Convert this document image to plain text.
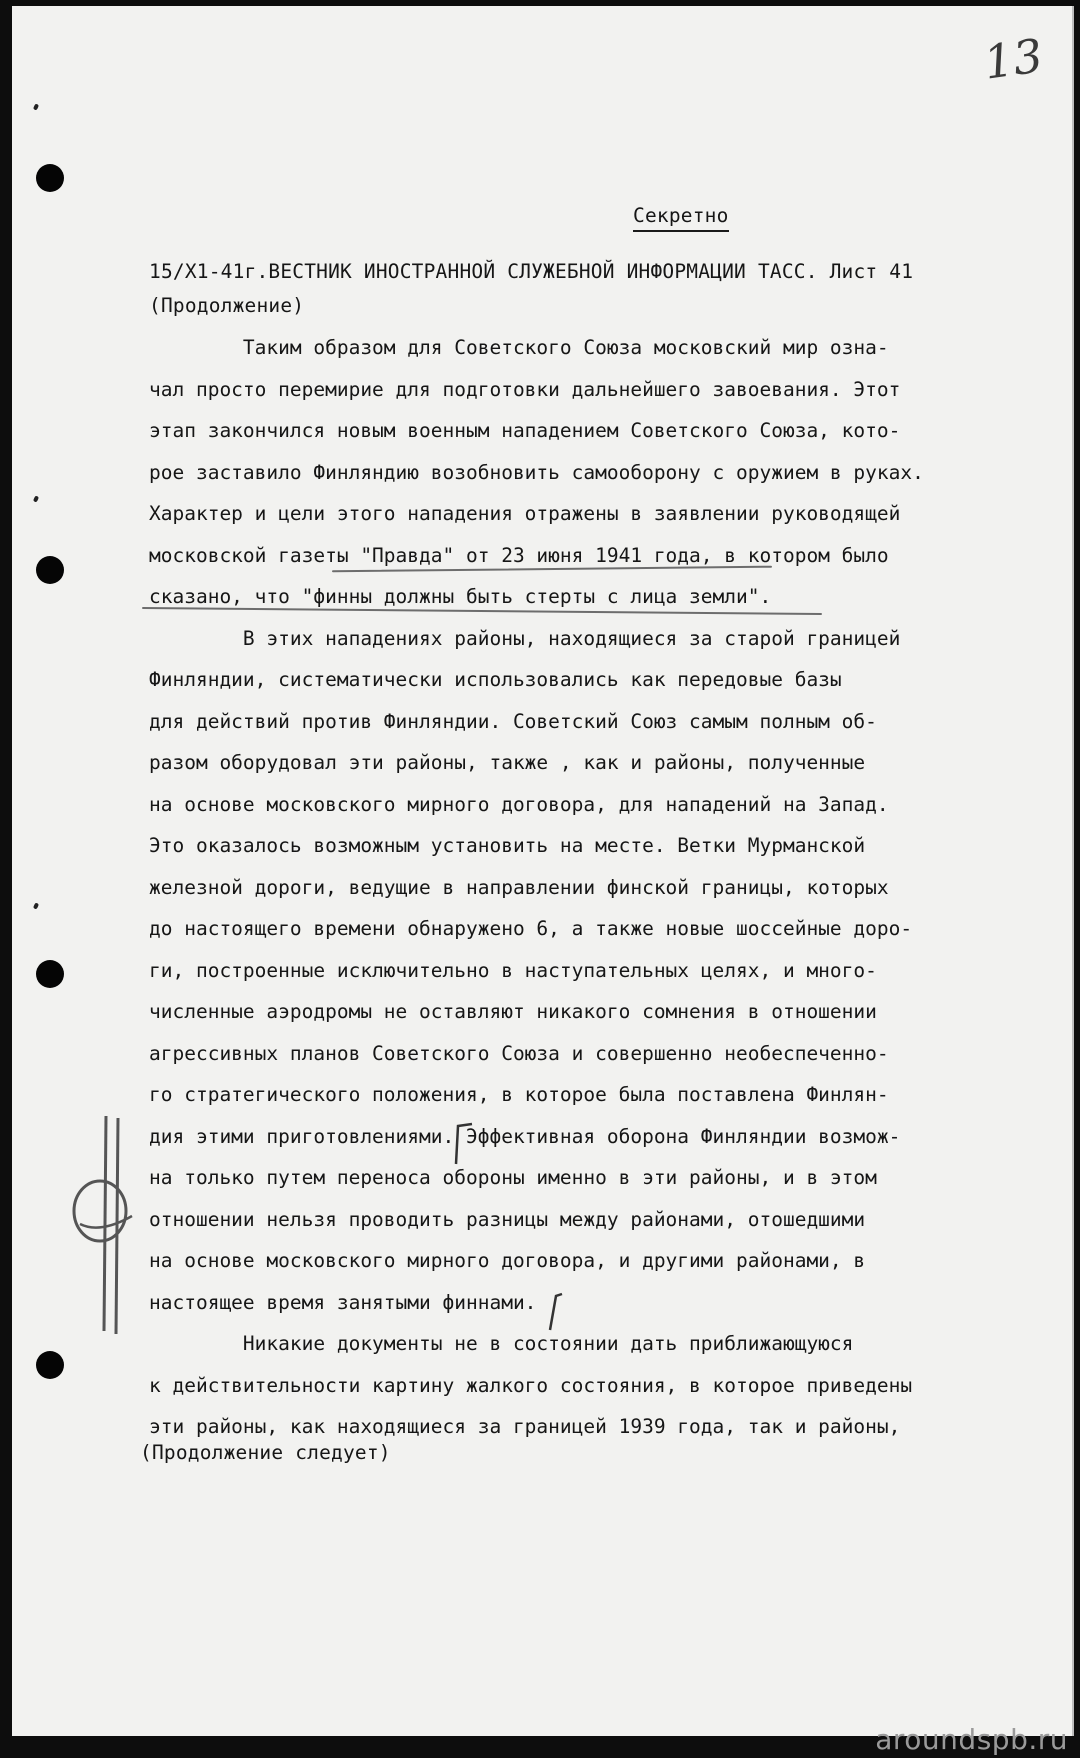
13
Секретно
15/Х1-41г.ВЕСТНИК ИНОСТРАННОЙ СЛУЖЕБНОЙ ИНФОРМАЦИИ ТАСС. Лист 41
(Продолжение)
Таким образом для Советского Союза московский мир озна-
чал просто перемирие для подготовки дальнейшего завоевания. Этот
этап закончился новым военным нападением Советского Союза, кото-
рое заставило Финляндию возобновить самооборону с оружием в руках.
Характер и цели этого нападения отражены в заявлении руководящей
московской газеты "Правда" от 23 июня 1941 года, в котором было
сказано, что "финны должны быть стерты с лица земли".
В этих нападениях районы, находящиеся за старой границей
Финляндии, систематически использовались как передовые базы
для действий против Финляндии. Советский Союз самым полным об-
разом оборудовал эти районы, также , как и районы, полученные
на основе московского мирного договора, для нападений на Запад.
Это оказалось возможным установить на месте. Ветки Мурманской
железной дороги, ведущие в направлении финской границы, которых
до настоящего времени обнаружено 6, а также новые шоссейные доро-
ги, построенные исключительно в наступательных целях, и много-
численные аэродромы не оставляют никакого сомнения в отношении
агрессивных планов Советского Союза и совершенно необеспеченно-
го стратегического положения, в которое была поставлена Финлян-
дия этими приготовлениями. Эффективная оборона Финляндии возмож-
на только путем переноса обороны именно в эти районы, и в этом
отношении нельзя проводить разницы между районами, отошедшими
на основе московского мирного договора, и другими районами, в
настоящее время занятыми финнами.
Никакие документы не в состоянии дать приближающуюся
к действительности картину жалкого состояния, в которое приведены
эти районы, как находящиеся за границей 1939 года, так и районы,
(Продолжение следует)
aroundspb.ru
